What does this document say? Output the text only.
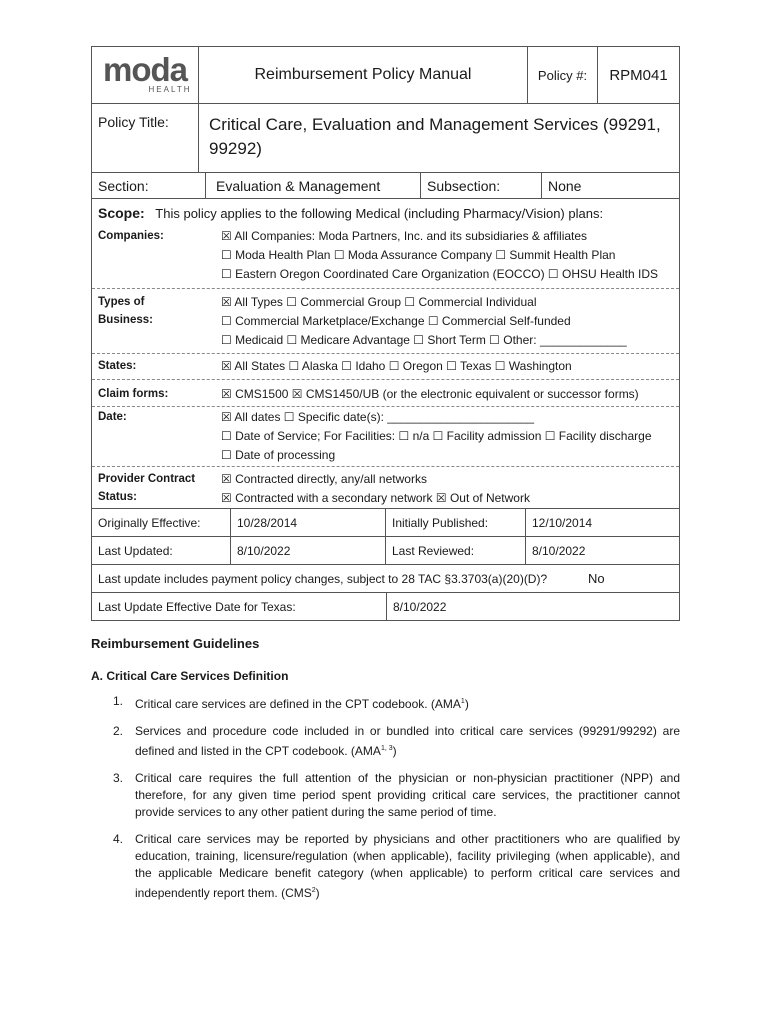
moda
HEALTH
Reimbursement Policy Manual	Policy #:	RPM041
Policy Title:	Critical Care, Evaluation and Management Services (99291, 99292)
Section:	Evaluation & Management	Subsection:	None
Scope: This policy applies to the following Medical (including Pharmacy/Vision) plans:
Companies:	☒ All Companies: Moda Partners, Inc. and its subsidiaries & affiliates
☐ Moda Health Plan ☐ Moda Assurance Company ☐ Summit Health Plan
☐ Eastern Oregon Coordinated Care Organization (EOCCO) ☐ OHSU Health IDS
Types of
Business:
☒ All Types ☐ Commercial Group ☐ Commercial Individual
☐ Commercial Marketplace/Exchange ☐ Commercial Self-funded
☐ Medicaid ☐ Medicare Advantage ☐ Short Term ☐ Other: _____________
States:	☒ All States ☐ Alaska ☐ Idaho ☐ Oregon ☐ Texas ☐ Washington
Claim forms:	☒ CMS1500 ☒ CMS1450/UB (or the electronic equivalent or successor forms)
Date:	☒ All dates ☐ Specific date(s): ______________________
☐ Date of Service; For Facilities: ☐ n/a ☐ Facility admission ☐ Facility discharge
☐ Date of processing
Provider Contract
Status:
☒ Contracted directly, any/all networks
☒ Contracted with a secondary network ☒ Out of Network
Originally Effective:	10/28/2014	Initially Published:	12/10/2014
Last Updated:	8/10/2022	Last Reviewed:	8/10/2022
Last update includes payment policy changes, subject to 28 TAC §3.3703(a)(20)(D)?	No
Last Update Effective Date for Texas:	8/10/2022
Reimbursement Guidelines
A. Critical Care Services Definition
1. Critical care services are defined in the CPT codebook. (AMA$^1$)
2. Services and procedure code included in or bundled into critical care services (99291/99292) are defined and listed in the CPT codebook. (AMA$^{1, 3}$)
3. Critical care requires the full attention of the physician or non-physician practitioner (NPP) and therefore, for any given time period spent providing critical care services, the practitioner cannot provide services to any other patient during the same period of time.
4. Critical care services may be reported by physicians and other practitioners who are qualified by education, training, licensure/regulation (when applicable), facility privileging (when applicable), and the applicable Medicare benefit category (when applicable) to perform critical care services and independently report them. (CMS$^2$)
